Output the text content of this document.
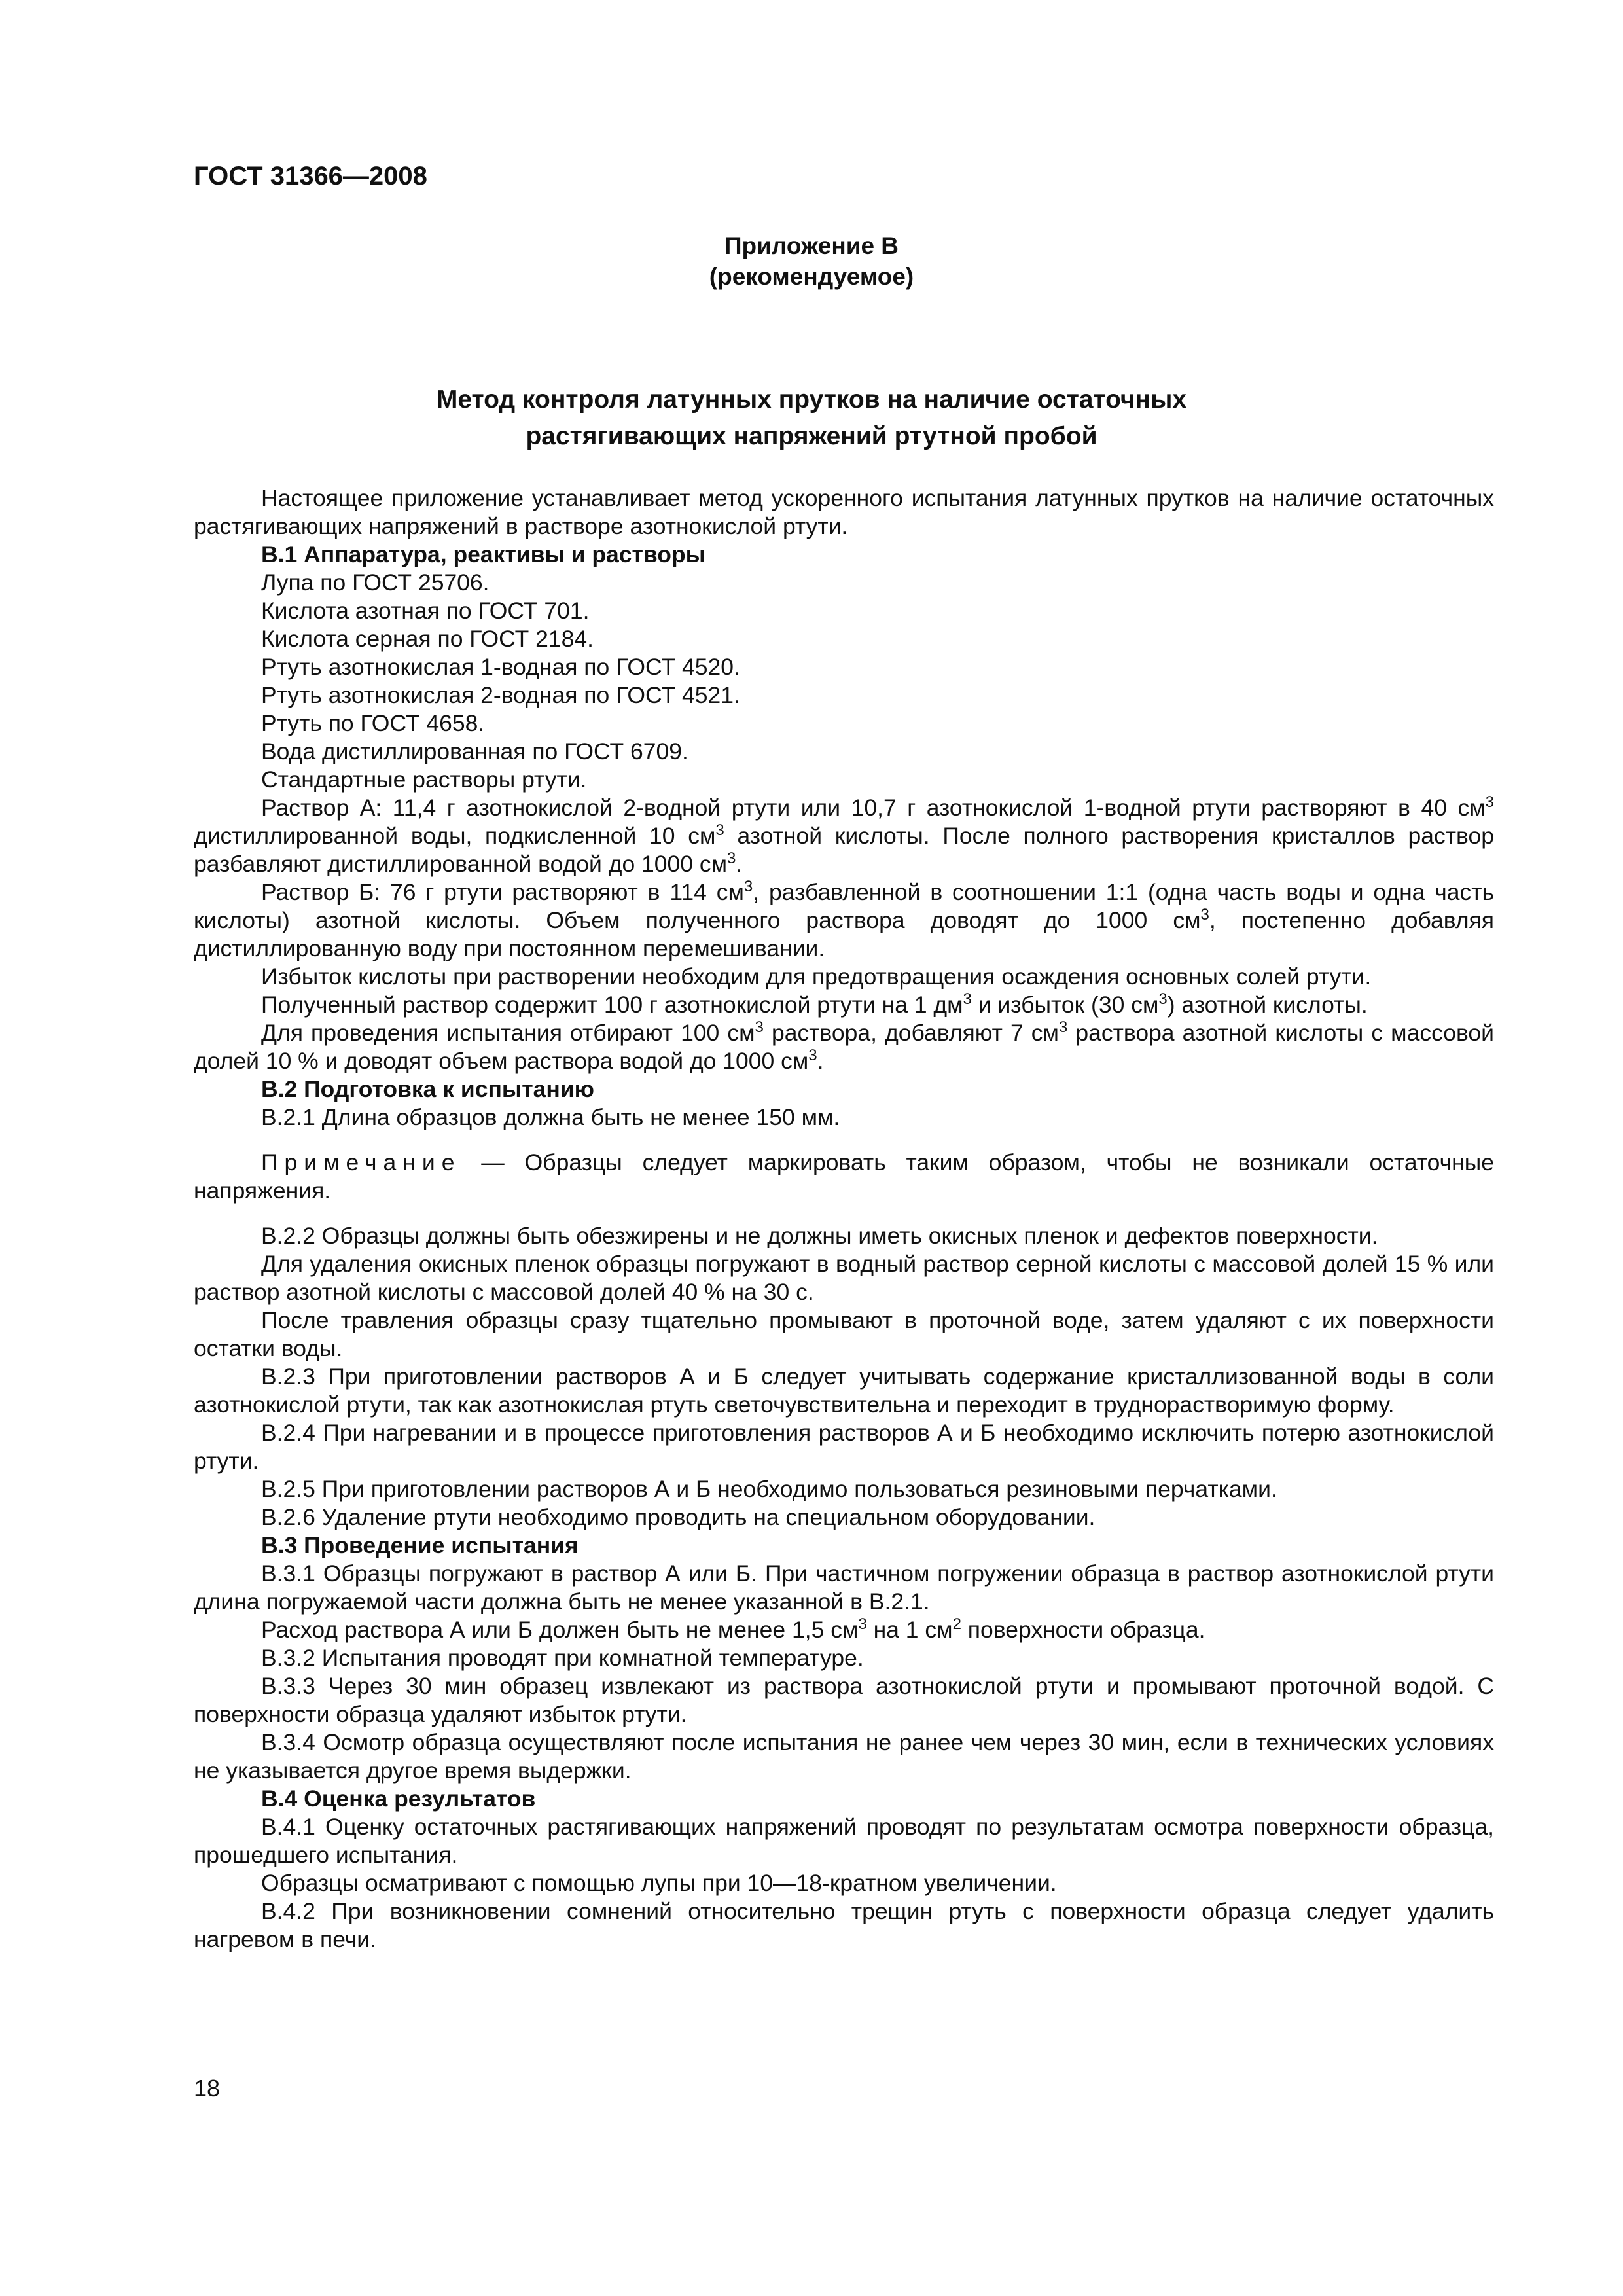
ГОСТ 31366—2008
Приложение В
(рекомендуемое)
Метод контроля латунных прутков на наличие остаточных
растягивающих напряжений ртутной пробой

Настоящее приложение устанавливает метод ускоренного испытания латунных прутков на наличие остаточных растягивающих напряжений в растворе азотнокислой ртути.

В.1 Аппаратура, реактивы и растворы

Лупа по ГОСТ 25706.

Кислота азотная по ГОСТ 701.

Кислота серная по ГОСТ 2184.

Ртуть азотнокислая 1-водная по ГОСТ 4520.

Ртуть азотнокислая 2-водная по ГОСТ 4521.

Ртуть по ГОСТ 4658.

Вода дистиллированная по ГОСТ 6709.

Стандартные растворы ртути.

Раствор А: 11,4 г азотнокислой 2-водной ртути или 10,7 г азотнокислой 1-водной ртути растворяют в 40 $см^3$ дистиллированной воды, подкисленной 10 $см^3$ азотной кислоты. После полного растворения кристаллов раствор разбавляют дистиллированной водой до 1000 $см^3$.

Раствор Б: 76 г ртути растворяют в 114 $см^3$, разбавленной в соотношении 1:1 (одна часть воды и одна часть кислоты) азотной кислоты. Объем полученного раствора доводят до 1000 $см^3$, постепенно добавляя дистиллированную воду при постоянном перемешивании.

Избыток кислоты при растворении необходим для предотвращения осаждения основных солей ртути.

Полученный раствор содержит 100 г азотнокислой ртути на 1 $дм^3$ и избыток (30 $см^3$) азотной кислоты.

Для проведения испытания отбирают 100 $см^3$ раствора, добавляют 7 $см^3$ раствора азотной кислоты с массовой долей 10 % и доводят объем раствора водой до 1000 $см^3$.

В.2 Подготовка к испытанию

В.2.1 Длина образцов должна быть не менее 150 мм.

Примечание — Образцы следует маркировать таким образом, чтобы не возникали остаточные напряжения.

В.2.2 Образцы должны быть обезжирены и не должны иметь окисных пленок и дефектов поверхности.

Для удаления окисных пленок образцы погружают в водный раствор серной кислоты с массовой долей 15 % или раствор азотной кислоты с массовой долей 40 % на 30 с.

После травления образцы сразу тщательно промывают в проточной воде, затем удаляют с их поверхности остатки воды.

В.2.3 При приготовлении растворов А и Б следует учитывать содержание кристаллизованной воды в соли азотнокислой ртути, так как азотнокислая ртуть светочувствительна и переходит в труднорастворимую форму.

В.2.4 При нагревании и в процессе приготовления растворов А и Б необходимо исключить потерю азотнокислой ртути.

В.2.5 При приготовлении растворов А и Б необходимо пользоваться резиновыми перчатками.

В.2.6 Удаление ртути необходимо проводить на специальном оборудовании.

В.3 Проведение испытания

В.3.1 Образцы погружают в раствор А или Б. При частичном погружении образца в раствор азотнокислой ртути длина погружаемой части должна быть не менее указанной в В.2.1.

Расход раствора А или Б должен быть не менее 1,5 $см^3$ на 1 $см^2$ поверхности образца.

В.3.2 Испытания проводят при комнатной температуре.

В.3.3 Через 30 мин образец извлекают из раствора азотнокислой ртути и промывают проточной водой. С поверхности образца удаляют избыток ртути.

В.3.4 Осмотр образца осуществляют после испытания не ранее чем через 30 мин, если в технических условиях не указывается другое время выдержки.

В.4 Оценка результатов

В.4.1 Оценку остаточных растягивающих напряжений проводят по результатам осмотра поверхности образца, прошедшего испытания.

Образцы осматривают с помощью лупы при 10—18-кратном увеличении.

В.4.2 При возникновении сомнений относительно трещин ртуть с поверхности образца следует удалить нагревом в печи.

18
